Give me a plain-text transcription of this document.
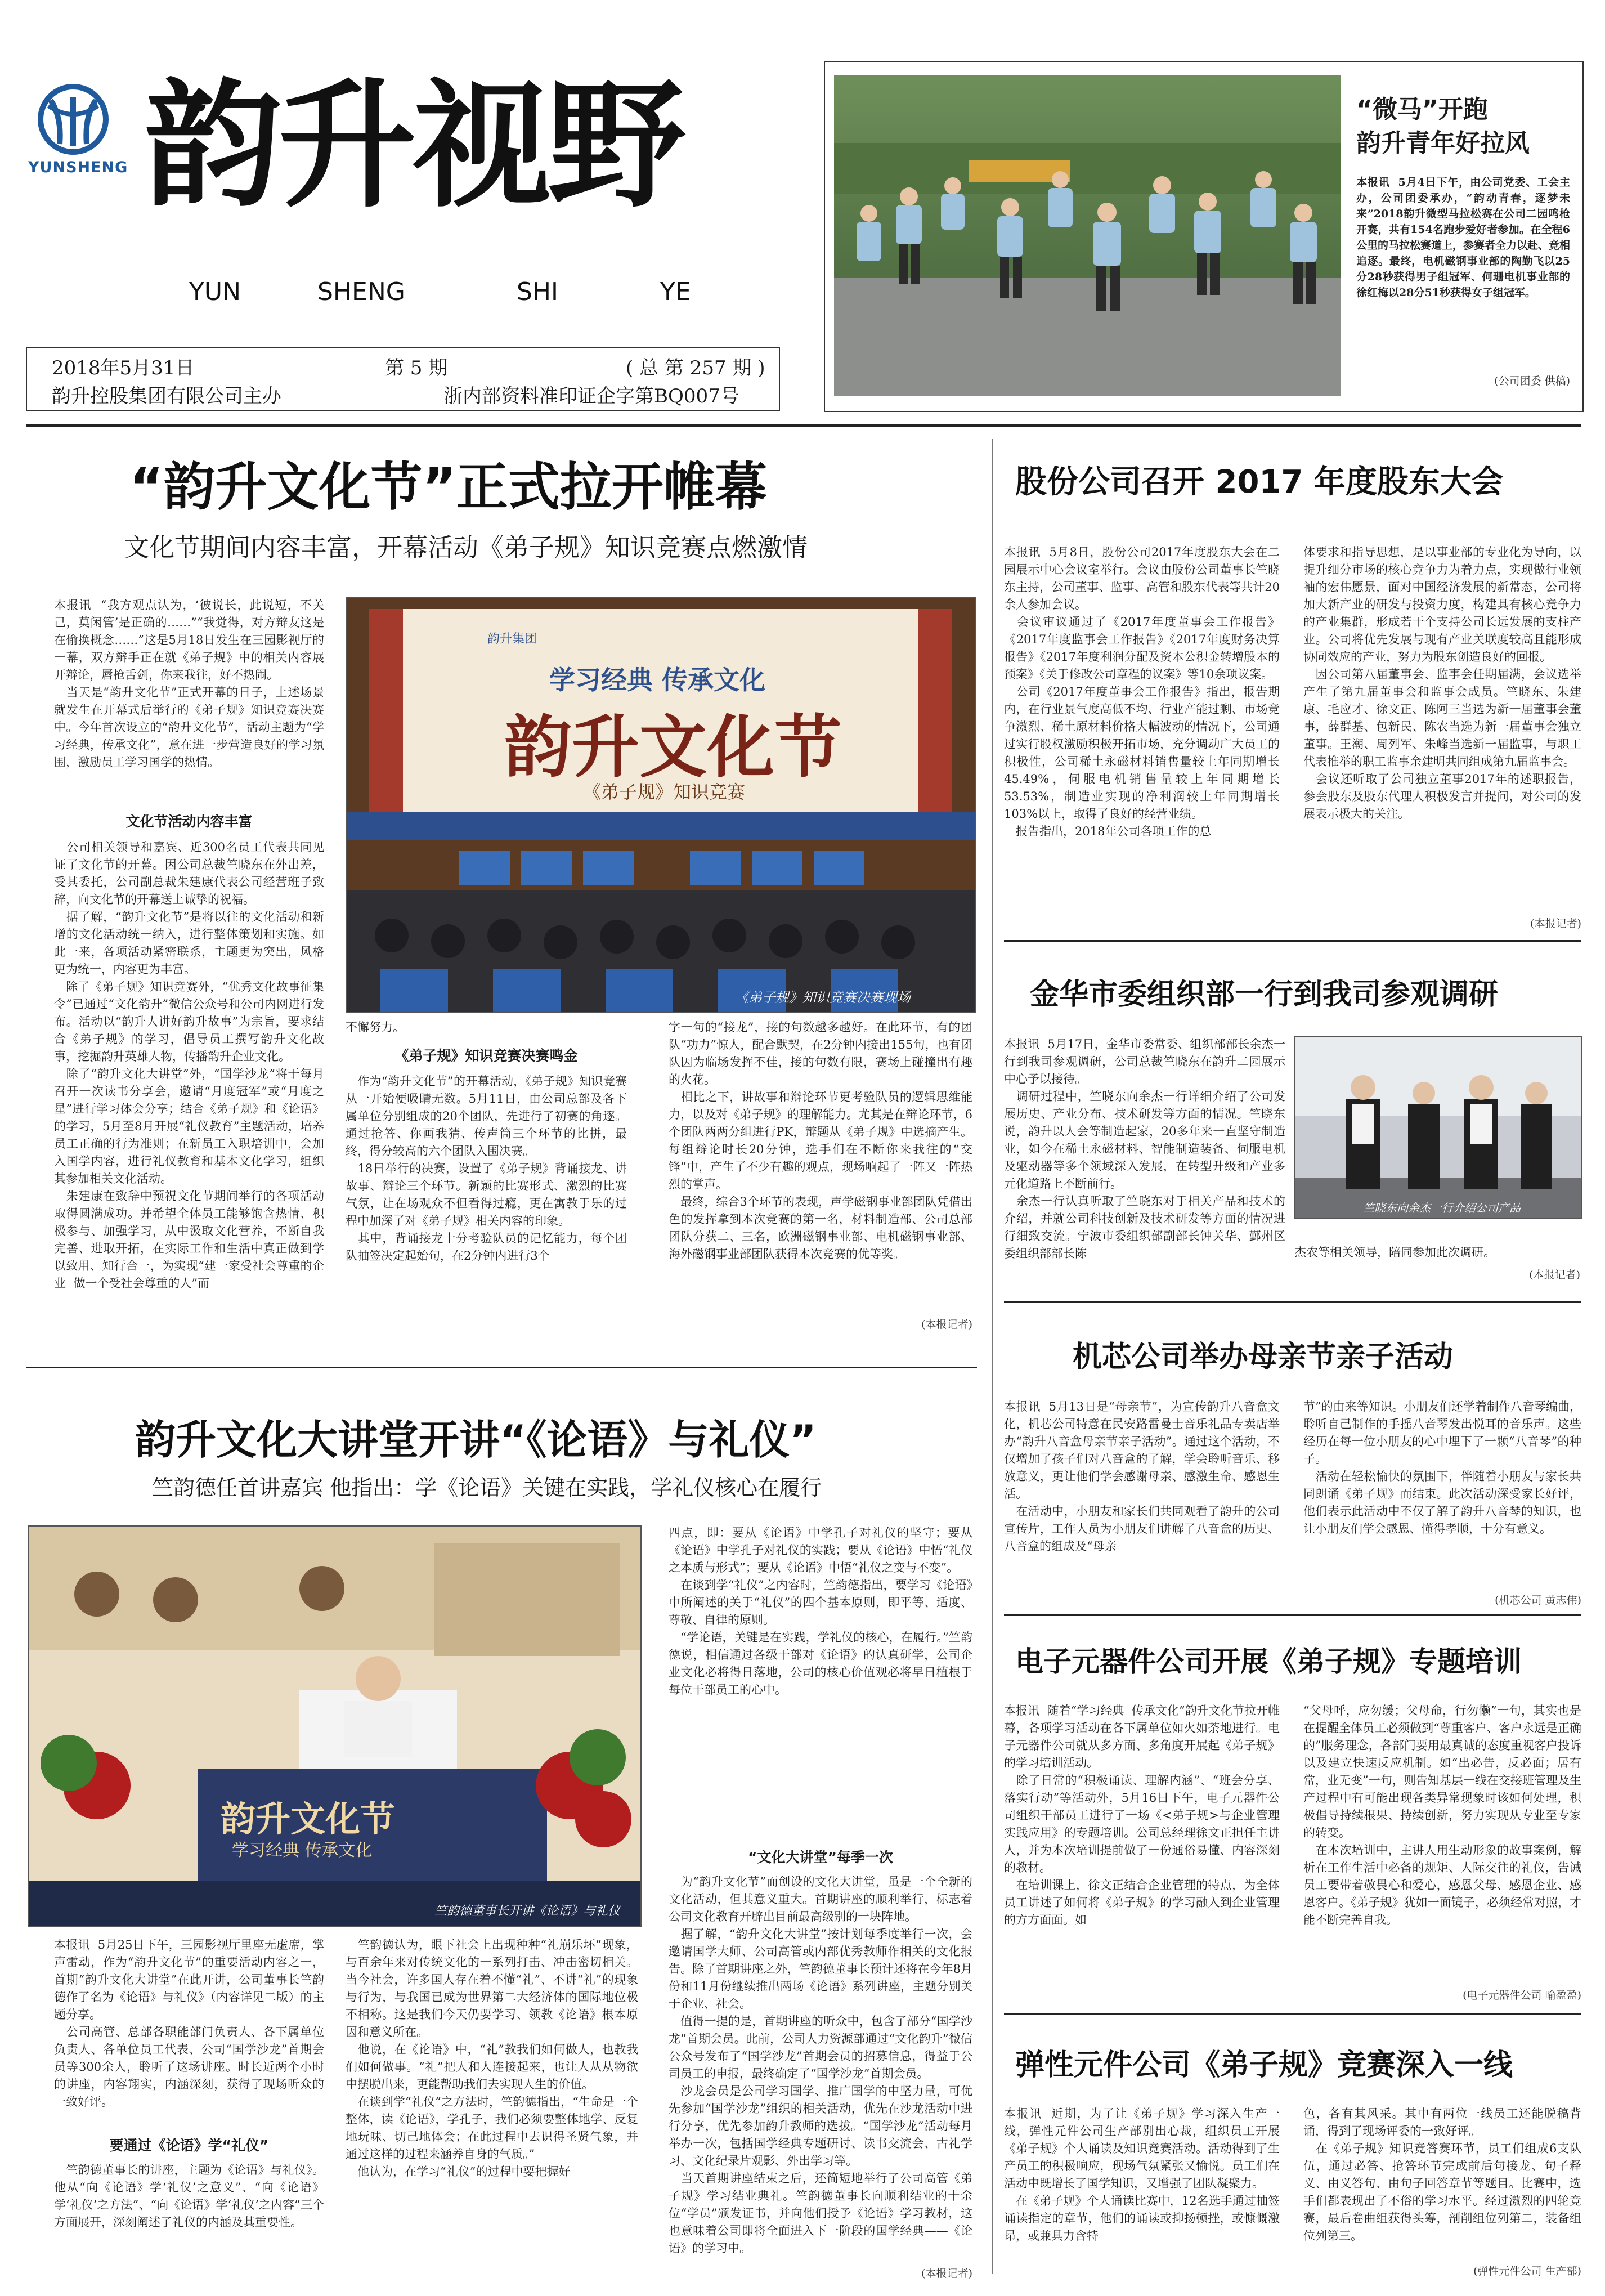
YUNSHENG 韵升视野
YUN	SHENG	SHI	YE
2018年5月31日	第 5 期	( 总 第 257 期 )
韵升控股集团有限公司主办	浙内部资料准印证企字第BQ007号
“微马”开跑
韵升青年好拉风
本报讯  5月4日下午，由公司党委、工会主办，公司团委承办，“韵动青春，逐梦未来”2018韵升微型马拉松赛在公司二园鸣枪开赛，共有154名跑步爱好者参加。在全程6公里的马拉松赛道上，参赛者全力以赴、竞相追逐。最终，电机磁钢事业部的陶勤飞以25分28秒获得男子组冠军、何珊电机事业部的徐红梅以28分51秒获得女子组冠军。
(公司团委 供稿)
“韵升文化节”正式拉开帷幕
文化节期间内容丰富，开幕活动《弟子规》知识竞赛点燃激情
本报讯  “我方观点认为，‘彼说长，此说短，不关己，莫闲管’是正确的……”“我觉得，对方辩友这是在偷换概念……”这是5月18日发生在三园影视厅的一幕，双方辩手正在就《弟子规》中的相关内容展开辩论，唇枪舌剑，你来我往，好不热闹。
　当天是“韵升文化节”正式开幕的日子，上述场景就发生在开幕式后举行的《弟子规》知识竞赛决赛中。今年首次设立的“韵升文化节”，活动主题为“学习经典，传承文化”，意在进一步营造良好的学习氛围，激励员工学习国学的热情。
文化节活动内容丰富
　公司相关领导和嘉宾、近300名员工代表共同见证了文化节的开幕。因公司总裁竺晓东在外出差，受其委托，公司副总裁朱建康代表公司经营班子致辞，向文化节的开幕送上诚挚的祝福。
　据了解，“韵升文化节”是将以往的文化活动和新增的文化活动统一纳入，进行整体策划和实施。如此一来，各项活动紧密联系，主题更为突出，风格更为统一，内容更为丰富。
　除了《弟子规》知识竞赛外，“优秀文化故事征集令”已通过“文化韵升”微信公众号和公司内网进行发布。活动以“韵升人讲好韵升故事”为宗旨，要求结合《弟子规》的学习，倡导员工撰写韵升文化故事，挖掘韵升英雄人物，传播韵升企业文化。
　除了“韵升文化大讲堂”外，“国学沙龙”将于每月召开一次读书分享会，邀请“月度冠军”或“月度之星”进行学习体会分享；结合《弟子规》和《论语》的学习，5月至8月开展“礼仪教育”主题活动，培养员工正确的行为准则；在新员工入职培训中，会加入国学内容，进行礼仪教育和基本文化学习，组织其参加相关文化活动。
　朱建康在致辞中预祝文化节期间举行的各项活动取得圆满成功。并希望全体员工能够饱含热情、积极参与、加强学习，从中汲取文化营养，不断自我完善、进取开拓，在实际工作和生活中真正做到学以致用、知行合一，为实现“建一家受社会尊重的企业  做一个受社会尊重的人”而
韵升集团
学习经典 传承文化
韵升文化节
《弟子规》知识竞赛
《弟子规》知识竞赛决赛现场
不懈努力。
《弟子规》知识竞赛决赛鸣金
　作为“韵升文化节”的开幕活动，《弟子规》知识竞赛从一开始便吸睛无数。5月11日，由公司总部及各下属单位分别组成的20个团队，先进行了初赛的角逐。通过抢答、你画我猜、传声筒三个环节的比拼，最终，得分较高的六个团队入围决赛。
　18日举行的决赛，设置了《弟子规》背诵接龙、讲故事、辩论三个环节。新颖的比赛形式、激烈的比赛气氛，让在场观众不但看得过瘾，更在寓教于乐的过程中加深了对《弟子规》相关内容的印象。
　其中，背诵接龙十分考验队员的记忆能力，每个团队抽签决定起始句，在2分钟内进行3个
字一句的“接龙”，接的句数越多越好。在此环节，有的团队“功力”惊人，配合默契，在2分钟内接出155句，也有团队因为临场发挥不佳，接的句数有限，赛场上碰撞出有趣的火花。
　相比之下，讲故事和辩论环节更考验队员的逻辑思维能力，以及对《弟子规》的理解能力。尤其是在辩论环节，6个团队两两分组进行PK，辩题从《弟子规》中选摘产生。每组辩论时长20分钟，选手们在不断你来我往的“交锋”中，产生了不少有趣的观点，现场响起了一阵又一阵热烈的掌声。
　最终，综合3个环节的表现，声学磁钢事业部团队凭借出色的发挥拿到本次竞赛的第一名，材料制造部、公司总部团队分获二、三名，欧洲磁钢事业部、电机磁钢事业部、海外磁钢事业部团队获得本次竞赛的优等奖。
(本报记者)
韵升文化大讲堂开讲“《论语》与礼仪”
竺韵德任首讲嘉宾 他指出：学《论语》关键在实践，学礼仪核心在履行
韵升文化节
学习经典 传承文化
竺韵德董事长开讲《论语》与礼仪
本报讯  5月25日下午，三园影视厅里座无虚席，掌声雷动，作为“韵升文化节”的重要活动内容之一，首期“韵升文化大讲堂”在此开讲，公司董事长竺韵德作了名为《论语》与礼仪》（内容详见二版）的主题分享。
　公司高管、总部各职能部门负责人、各下属单位负责人、各单位员工代表、公司“国学沙龙”首期会员等300余人，聆听了这场讲座。时长近两个小时的讲座，内容翔实，内涵深刻，获得了现场听众的一致好评。
要通过《论语》学“礼仪”
　竺韵德董事长的讲座，主题为《论语》与礼仪》。他从“向《论语》学‘礼仪’之意义”、“向《论语》学‘礼仪’之方法”、“向《论语》学‘礼仪’之内容”三个方面展开，深刻阐述了礼仪的内涵及其重要性。
　竺韵德认为，眼下社会上出现种种“礼崩乐坏”现象，与百余年来对传统文化的一系列打击、冲击密切相关。当今社会，许多国人存在着不懂“礼”、不讲“礼”的现象与行为，与我国已成为世界第二大经济体的国际地位极不相称。这是我们今天仍要学习、领教《论语》根本原因和意义所在。
　他说，在《论语》中，“礼”教我们如何做人，也教我们如何做事。“礼”把人和人连接起来，也让人从从物欲中摆脱出来，更能帮助我们去实现人生的价值。
　在谈到学“礼仪”之方法时，竺韵德指出，“生命是一个整体，读《论语》，学孔子，我们必须要整体地学、反复地玩味、切己地体会；在此过程中去识得圣贤气象，并通过这样的过程来涵养自身的气质。”
　他认为，在学习“礼仪”的过程中要把握好
四点，即：要从《论语》中学孔子对礼仪的坚守；要从《论语》中学孔子对礼仪的实践；要从《论语》中悟“礼仪之本质与形式”；要从《论语》中悟“礼仪之变与不变”。
　在谈到学“礼仪”之内容时，竺韵德指出，要学习《论语》中所阐述的关于“礼仪”的四个基本原则，即平等、适度、尊敬、自律的原则。
　“学论语，关键是在实践，学礼仪的核心，在履行。”竺韵德说，相信通过各级干部对《论语》的认真研学，公司企业文化必将得日落地，公司的核心价值观必将早日植根于每位干部员工的心中。
“文化大讲堂”每季一次
　为“韵升文化节”而创设的文化大讲堂，虽是一个全新的文化活动，但其意义重大。首期讲座的顺利举行，标志着公司文化教育开辟出目前最高级别的一块阵地。
　据了解，“韵升文化大讲堂”按计划每季度举行一次，会邀请国学大师、公司高管或内部优秀教师作相关的文化报告。除了首期讲座之外，竺韵德董事长预计还将在今年8月份和11月份继续推出两场《论语》系列讲座，主题分别关于企业、社会。
　值得一提的是，首期讲座的听众中，包含了部分“国学沙龙”首期会员。此前，公司人力资源部通过“文化韵升”微信公众号发布了“国学沙龙”首期会员的招募信息，得益于公司员工的申报，最终确定了“国学沙龙”首期会员。
　沙龙会员是公司学习国学、推广国学的中坚力量，可优先参加“国学沙龙”组织的相关活动，优先在沙龙活动中进行分享，优先参加韵升教师的选拔。“国学沙龙”活动每月举办一次，包括国学经典专题研讨、读书交流会、古礼学习、文化纪录片观影、外出学习等。
　当天首期讲座结束之后，还简短地举行了公司高管《弟子规》学习结业典礼。竺韵德董事长向顺利结业的十余位“学员”颁发证书，并向他们授予《论语》学习教材，这也意味着公司即将全面进入下一阶段的国学经典——《论语》的学习中。
(本报记者)
股份公司召开 2017 年度股东大会
本报讯  5月8日，股份公司2017年度股东大会在二园展示中心会议室举行。会议由股份公司董事长竺晓东主持，公司董事、监事、高管和股东代表等共计20余人参加会议。
　会议审议通过了《2017年度董事会工作报告》《2017年度监事会工作报告》《2017年度财务决算报告》《2017年度利润分配及资本公积金转增股本的预案》《关于修改公司章程的议案》等10余项议案。
　公司《2017年度董事会工作报告》指出，报告期内，在行业景气度高低不均、行业产能过剩、市场竞争激烈、稀土原材料价格大幅波动的情况下，公司通过实行股权激励积极开拓市场，充分调动广大员工的积极性，公司稀土永磁材料销售量较上年同期增长45.49%，伺服电机销售量较上年同期增长53.53%，制造业实现的净利润较上年同期增长103%以上，取得了良好的经营业绩。
　报告指出，2018年公司各项工作的总
体要求和指导思想，是以事业部的专业化为导向，以提升细分市场的核心竞争力为着力点，实现做行业领袖的宏伟愿景，面对中国经济发展的新常态，公司将加大新产业的研发与投资力度，构建具有核心竞争力的产业集群，形成若干个支持公司长远发展的支柱产业。公司将优先发展与现有产业关联度较高且能形成协同效应的产业，努力为股东创造良好的回报。
　因公司第八届董事会、监事会任期届满，会议选举产生了第九届董事会和监事会成员。竺晓东、朱建康、毛应才、徐文正、陈阿三当选为新一届董事会董事，薛群基、包新民、陈农当选为新一届董事会独立董事。王潮、周列军、朱峰当选新一届监事，与职工代表推举的职工监事余建明共同组成第九届监事会。
　会议还听取了公司独立董事2017年的述职报告，参会股东及股东代理人积极发言并提问，对公司的发展表示极大的关注。
(本报记者)
金华市委组织部一行到我司参观调研
本报讯  5月17日，金华市委常委、组织部部长余杰一行到我司参观调研，公司总裁竺晓东在韵升二园展示中心予以接待。
　调研过程中，竺晓东向余杰一行详细介绍了公司发展历史、产业分布、技术研发等方面的情况。竺晓东说，韵升以人会等制造起家，20多年来一直坚守制造业，如今在稀土永磁材料、智能制造装备、伺服电机及驱动器等多个领域深入发展，在转型升级和产业多元化道路上不断前行。
　余杰一行认真听取了竺晓东对于相关产品和技术的介绍，并就公司科技创新及技术研发等方面的情况进行细致交流。宁波市委组织部副部长钟关华、鄞州区委组织部部长陈
竺晓东向余杰一行介绍公司产品
杰农等相关领导，陪同参加此次调研。
(本报记者)
机芯公司举办母亲节亲子活动
本报讯  5月13日是“母亲节”，为宣传韵升八音盒文化，机芯公司特意在民安路雷曼士音乐礼品专卖店举办“韵升八音盒母亲节亲子活动”。通过这个活动，不仅增加了孩子们对八音盒的了解，学会聆听音乐、移放意义，更让他们学会感谢母亲、感激生命、感恩生活。
　在活动中，小朋友和家长们共同观看了韵升的公司宣传片，工作人员为小朋友们讲解了八音盒的历史、八音盒的组成及“母亲
节”的由来等知识。小朋友们还学着制作八音琴编曲，聆听自己制作的手摇八音琴发出悦耳的音乐声。这些经历在每一位小朋友的心中埋下了一颗“八音琴”的种子。
　活动在轻松愉快的氛围下，伴随着小朋友与家长共同朗诵《弟子规》而结束。此次活动深受家长好评，他们表示此活动中不仅了解了韵升八音琴的知识，也让小朋友们学会感恩、懂得孝顺，十分有意义。
(机芯公司 黄志伟)
电子元器件公司开展《弟子规》专题培训
本报讯  随着“学习经典  传承文化”韵升文化节拉开帷幕，各项学习活动在各下属单位如火如荼地进行。电子元器件公司就从多方面、多角度开展起《弟子规》的学习培训活动。
　除了日常的“积极诵读、理解内涵”、“班会分享、落实行动”等活动外，5月16日下午，电子元器件公司组织干部员工进行了一场《<弟子规>与企业管理实践应用》的专题培训。公司总经理徐文正担任主讲人，并为本次培训提前做了一份通俗易懂、内容深刻的教材。
　在培训课上，徐文正结合企业管理的特点，为全体员工讲述了如何将《弟子规》的学习融入到企业管理的方方面面。如
“父母呼，应勿缓；父母命，行勿懒”一句，其实也是在提醒全体员工必须做到“尊重客户、客户永远是正确的”服务理念，各部门要用最真诚的态度重视客户投诉以及建立快速反应机制。如“出必告，反必面；居有常，业无变”一句，则告知基层一线在交接班管理及生产过程中有可能出现各类异常现象时该如何处理，积极倡导持续根果、持续创新，努力实现从专业至专家的转变。
　在本次培训中，主讲人用生动形象的故事案例，解析在工作生活中必备的规矩、人际交往的礼仪，告诫员工要带着敬畏心和爱心，感恩父母、感恩企业、感恩客户。《弟子规》犹如一面镜子，必须经常对照，才能不断完善自我。
(电子元器件公司 喻盈盈)
弹性元件公司《弟子规》竞赛深入一线
本报讯  近期，为了让《弟子规》学习深入生产一线，弹性元件公司生产部别出心裁，组织员工开展《弟子规》个人诵读及知识竞赛活动。活动得到了生产员工的积极响应，现场气氛紧张又愉悦。员工们在活动中既增长了国学知识，又增强了团队凝聚力。
　在《弟子规》个人诵读比赛中，12名选手通过抽签诵读指定的章节，他们的诵读或抑扬顿挫，或慷慨激昂，或兼具力含特
色，各有其风采。其中有两位一线员工还能脱稿背诵，得到了现场评委的一致好评。
　在《弟子规》知识竞答赛环节，员工们组成6支队伍，通过必答、抢答环节完成前后句接龙、句子释义、由义答句、由句子回答章节等题目。比赛中，选手们都表现出了不俗的学习水平。经过激烈的四轮竞赛，最后卷曲组获得头筹，剖削组位列第二，装备组位列第三。
(弹性元件公司 生产部)
